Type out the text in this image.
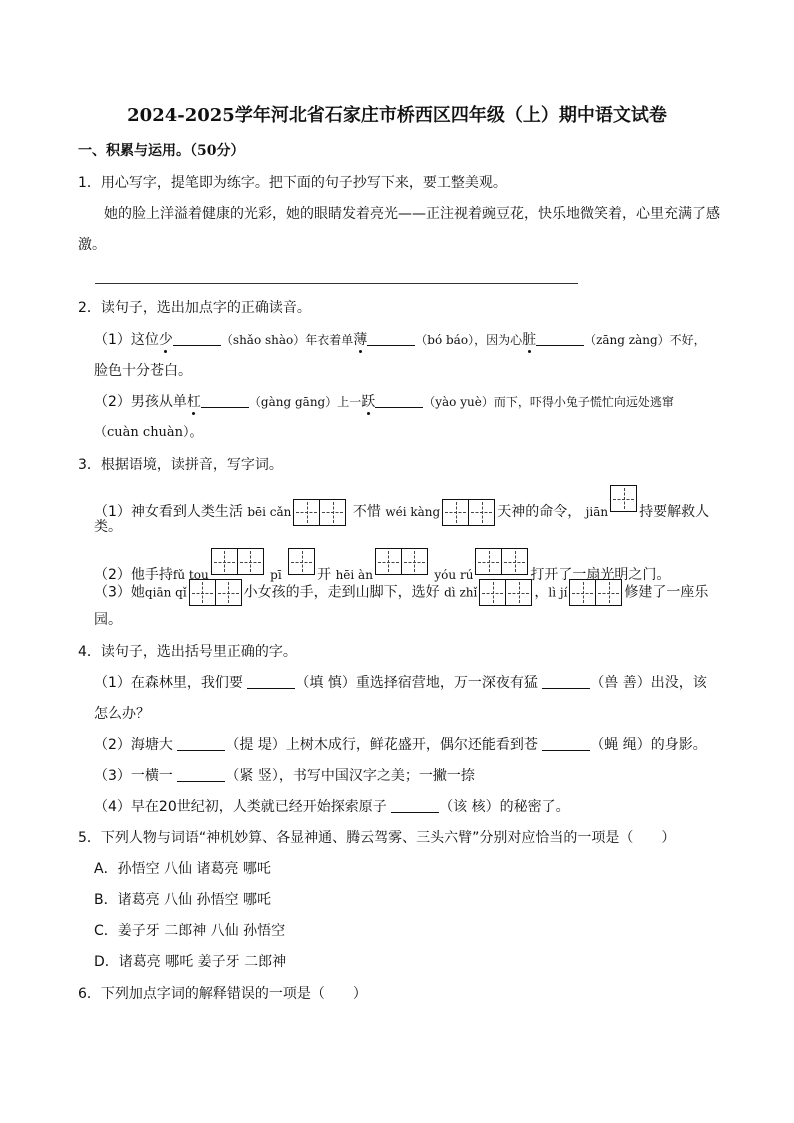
2024-2025学年河北省石家庄市桥西区四年级（上）期中语文试卷
一、积累与运用。（50分）
1．用心写字，提笔即为练字。把下面的句子抄写下来，要工整美观。
她的脸上洋溢着健康的光彩，她的眼睛发着亮光——正注视着豌豆花，快乐地微笑着，心里充满了感
激。
2．读句子，选出加点字的正确读音。
（1）这位少	（shǎo shào）年衣着单薄	（bó báo），因为心脏	（zāng zàng）不好，
脸色十分苍白。
（2）男孩从单杠	（gàng gāng）上一跃	（yào yuè）而下，吓得小兔子慌忙向远处逃窜
（cuàn chuàn）。
3．根据语境，读拼音，写字词。
（1）神女看到人类生活 bēi cǎn	不惜 wéi kàng	天神的命令， jiān 持要解救人
类。
（2）他手持fǔ tou	pī	开 hēi àn	yóu rú	打开了一扇光明之门。
（3）她qiān qǐ	小女孩的手，走到山脚下，选好 dì zhǐ	，lì jí	修建了一座乐
园。
4．读句子，选出括号里正确的字。
（1）在森林里，我们要	（填 慎）重选择宿营地，万一深夜有猛	（兽 善）出没，该
怎么办？
（2）海塘大	（提 堤）上树木成行，鲜花盛开，偶尔还能看到苍	（蝇 绳）的身影。
（3）一横一	（紧 竖），书写中国汉字之美；一撇一捺
（4）早在20世纪初，人类就已经开始探索原子	（该 核）的秘密了。
5．下列人物与词语“神机妙算、各显神通、腾云驾雾、三头六臂”分别对应恰当的一项是（　　）
A．孙悟空 八仙 诸葛亮 哪吒
B．诸葛亮 八仙 孙悟空 哪吒
C．姜子牙 二郎神 八仙 孙悟空
D．诸葛亮 哪吒 姜子牙 二郎神
6．下列加点字词的解释错误的一项是（　　）
